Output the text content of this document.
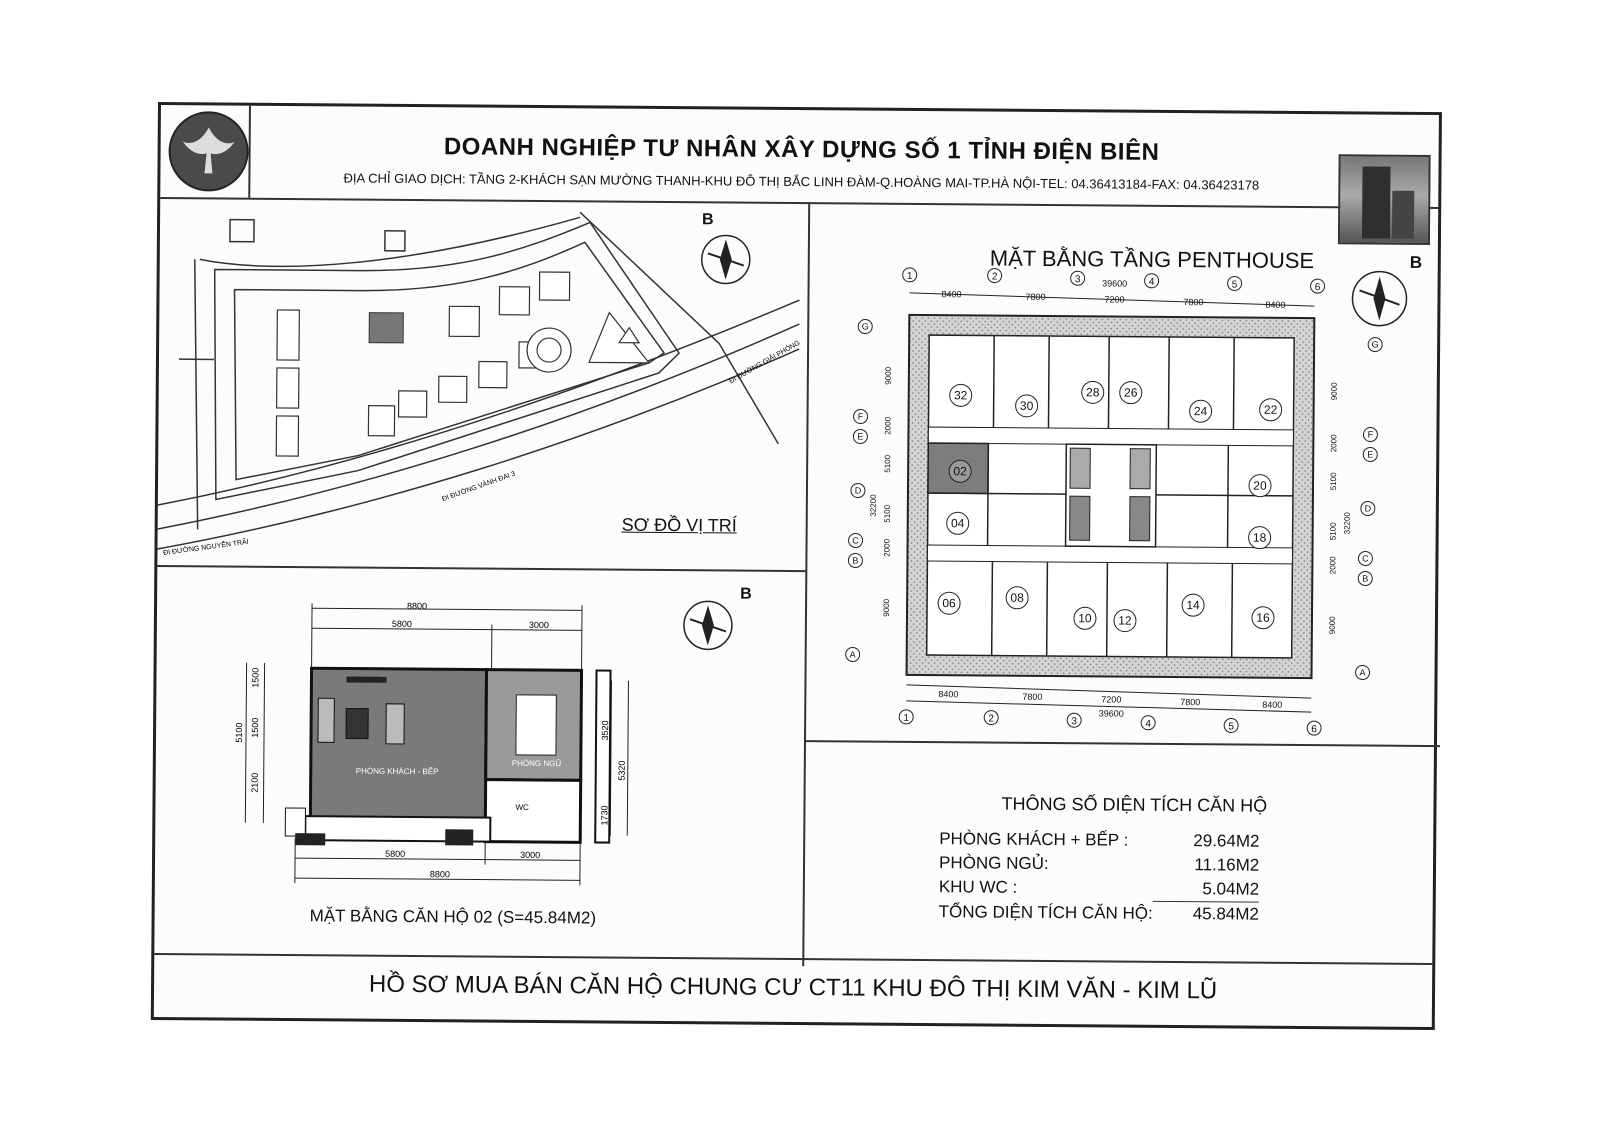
DOANH NGHIỆP TƯ NHÂN XÂY DỰNG SỐ 1 TỈNH ĐIỆN BIÊN
ĐỊA CHỈ GIAO DỊCH: TẦNG 2-KHÁCH SẠN MƯỜNG THANH-KHU ĐÔ THỊ BẮC LINH ĐÀM-Q.HOÀNG MAI-TP.HÀ NỘI-TEL: 04.36413184-FAX: 04.36423178
ĐI ĐƯỜNG GIẢI PHÓNG
ĐI ĐƯỜNG VÀNH ĐAI 3
ĐI ĐƯỜNG NGUYỄN TRÃI
SƠ ĐỒ VỊ TRÍ
B
8800
5800	3000
5800	3000
8800
1500
1500
2100
5100	3520
1730
5320
PHÒNG KHÁCH - BẾP
PHÒNG NGỦ
WC
MẶT BẰNG CĂN HỘ 02 (S=45.84M2)
B
MẶT BẰNG TẦNG PENTHOUSE	B
1	2	3	4	5	6
1	2	3	4	5	6
39600
8400	7800	7200	7800	8400
8400	7800	7200	7800	8400
39600
G
F
E
D
C
B
A
G
F
E
D
C
B
A
9000
2000
5100
5100
2000
9000
32200
9000
2000
5100
5100
2000
9000
32200
32
30
28 26
24	22
02
20
04
18
06	08
10 12
14
16
THÔNG SỐ DIỆN TÍCH CĂN HỘ
PHÒNG KHÁCH + BẾP :	29.64M2
PHÒNG NGỦ:	11.16M2
KHU WC :	5.04M2
TỔNG DIỆN TÍCH CĂN HỘ:	45.84M2
HỒ SƠ MUA BÁN CĂN HỘ CHUNG CƯ CT11 KHU ĐÔ THỊ KIM VĂN - KIM LŨ
